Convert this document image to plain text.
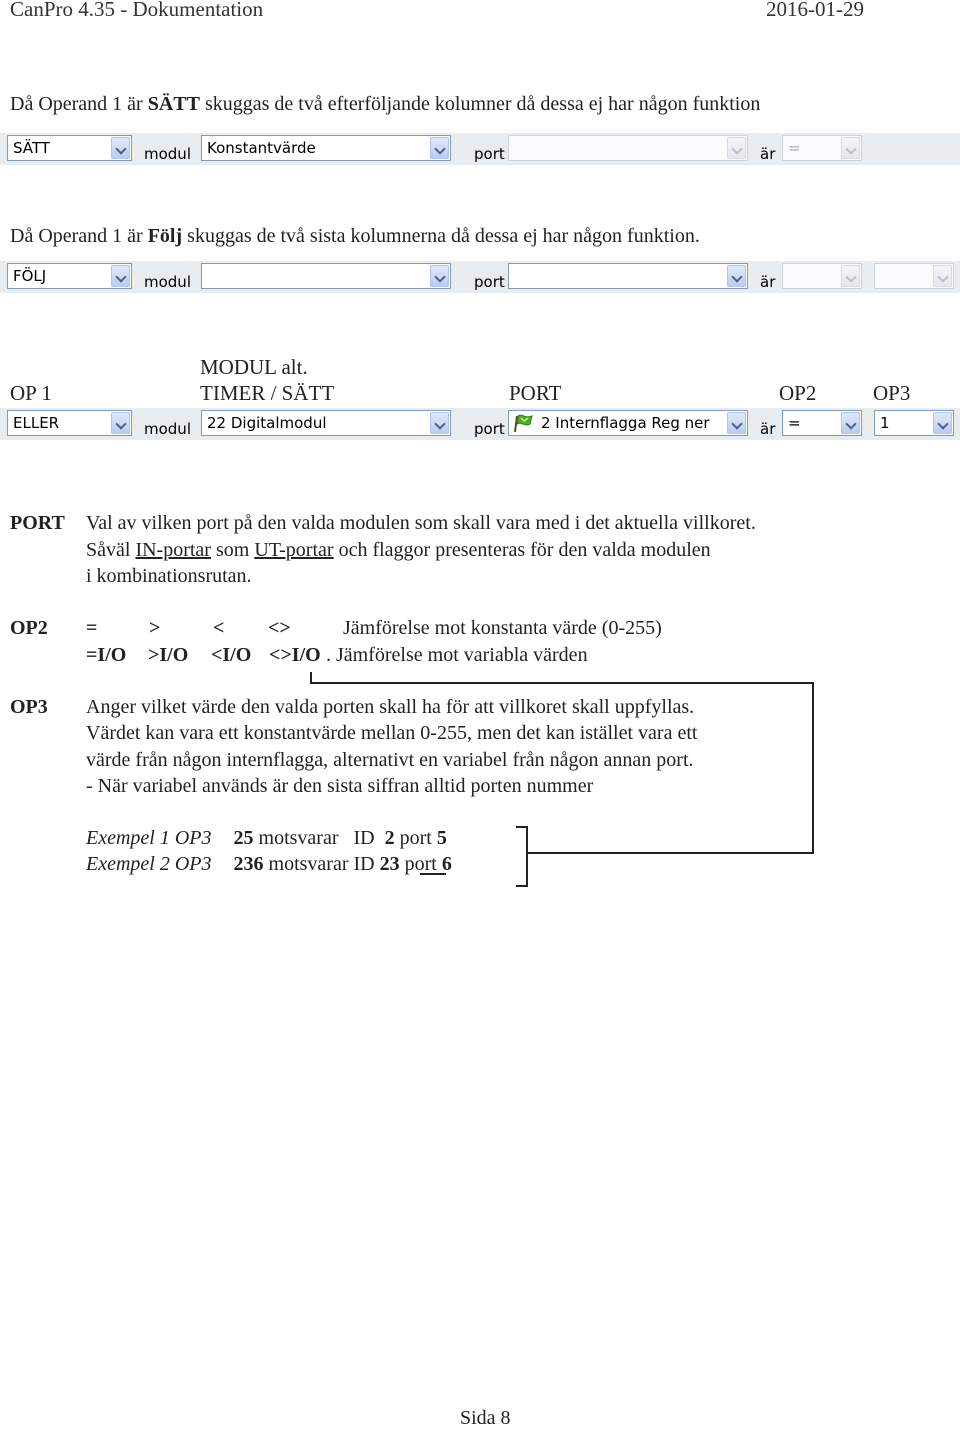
CanPro 4.35 - Dokumentation	2016-01-29
Då Operand 1 är SÄTT skuggas de två efterföljande kolumner då dessa ej har någon funktion
SÄTT	modul Konstantvärde	port	är =
Då Operand 1 är Följ skuggas de två sista kolumnerna då dessa ej har någon funktion.
FÖLJ	modul	port	är
MODUL alt.
OP 1	TIMER / SÄTT	PORT	OP2	OP3
ELLER	modul 22 Digitalmodul	port 2 Internflagga Reg ner	är =	1
PORT Val av vilken port på den valda modulen som skall vara med i det aktuella villkoret.
Såväl IN-portar som UT-portar och flaggor presenteras för den valda modulen
i kombinationsrutan.
OP2 =	>	< <>	Jämförelse mot konstanta värde (0-255)
=I/O >I/O <I/O <>I/O . Jämförelse mot variabla värden
OP3 Anger vilket värde den valda porten skall ha för att villkoret skall uppfyllas.
Värdet kan vara ett konstantvärde mellan 0-255, men det kan istället vara ett
värde från någon internflagga, alternativt en variabel från någon annan port.
- När variabel används är den sista siffran alltid porten nummer
Exempel 1 OP3 25 motsvarar   ID  2 port 5
Exempel 2 OP3 236 motsvarar ID 23 port 6
Sida 8
